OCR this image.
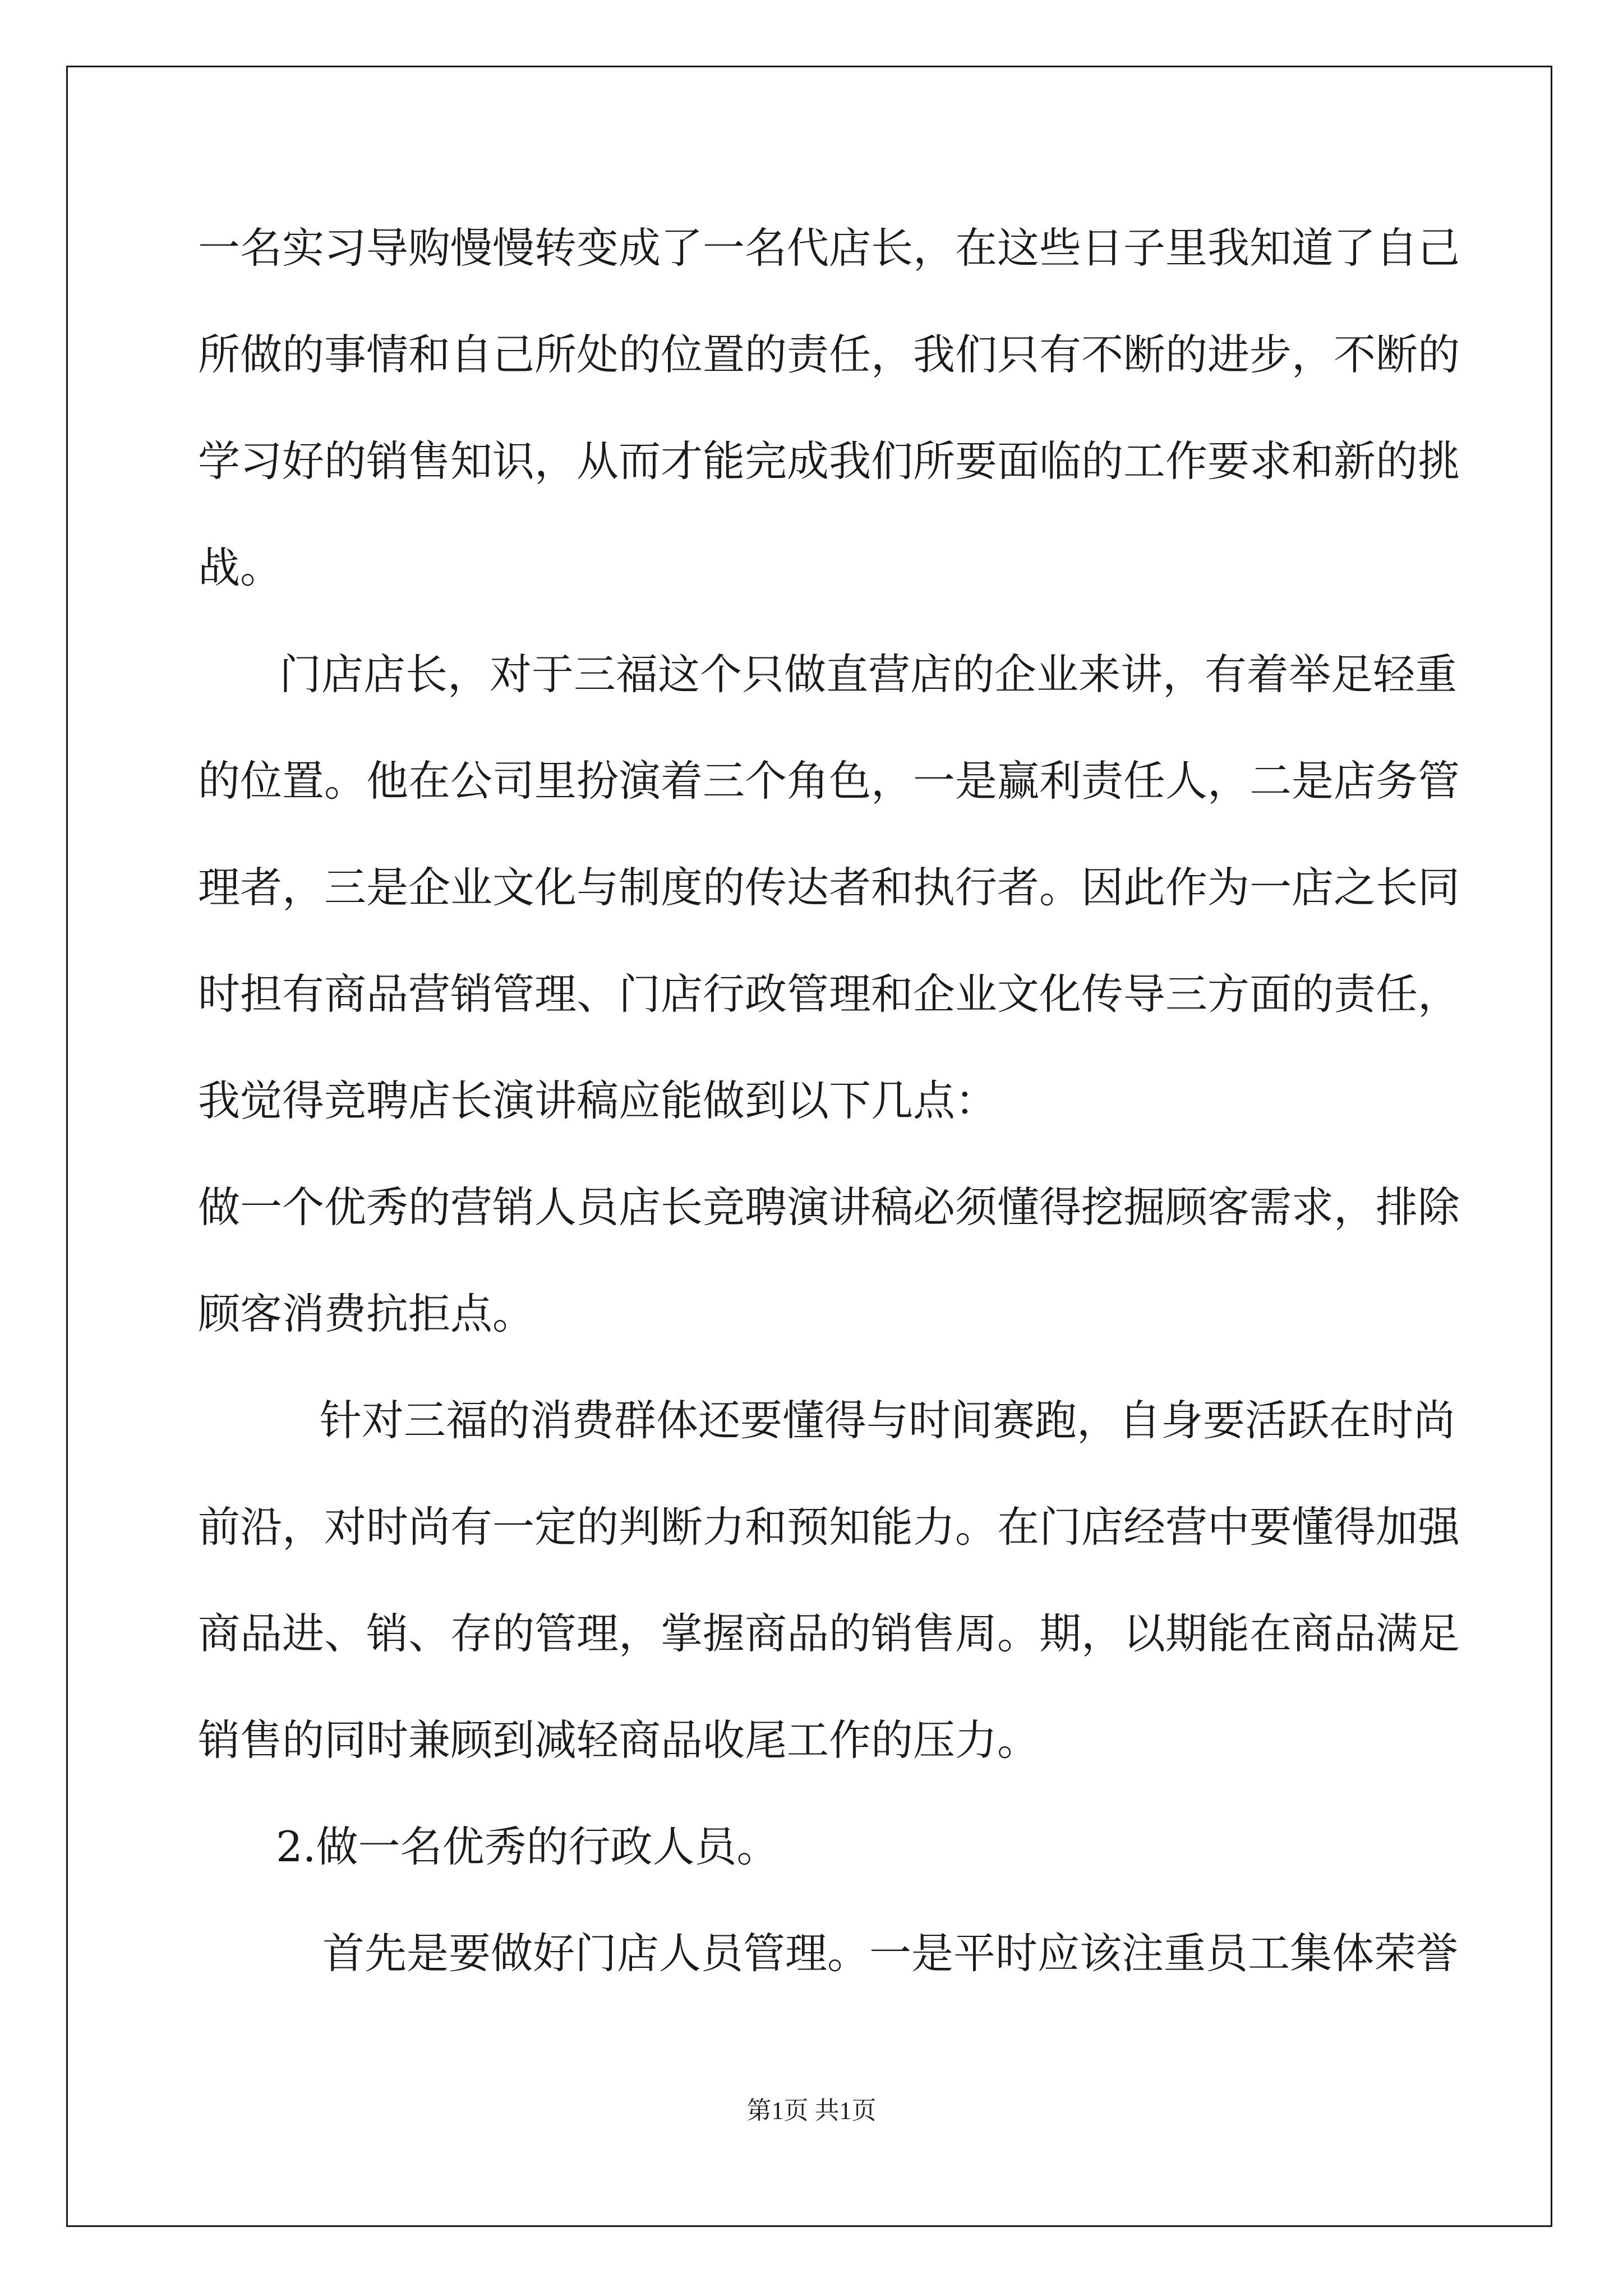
一名实习导购慢慢转变成了一名代店长，在这些日子里我知道了自己
所做的事情和自己所处的位置的责任，我们只有不断的进步，不断的
学习好的销售知识，从而才能完成我们所要面临的工作要求和新的挑
战。
门店店长，对于三福这个只做直营店的企业来讲，有着举足轻重
的位置。他在公司里扮演着三个角色，一是赢利责任人，二是店务管
理者，三是企业文化与制度的传达者和执行者。因此作为一店之长同
时担有商品营销管理、门店行政管理和企业文化传导三方面的责任，
我觉得竞聘店长演讲稿应能做到以下几点：
做一个优秀的营销人员店长竞聘演讲稿必须懂得挖掘顾客需求，排除
顾客消费抗拒点。
针对三福的消费群体还要懂得与时间赛跑，自身要活跃在时尚
前沿，对时尚有一定的判断力和预知能力。在门店经营中要懂得加强
商品进、销、存的管理，掌握商品的销售周。期，以期能在商品满足
销售的同时兼顾到减轻商品收尾工作的压力。
2.做一名优秀的行政人员。
首先是要做好门店人员管理。一是平时应该注重员工集体荣誉
第1页 共1页
